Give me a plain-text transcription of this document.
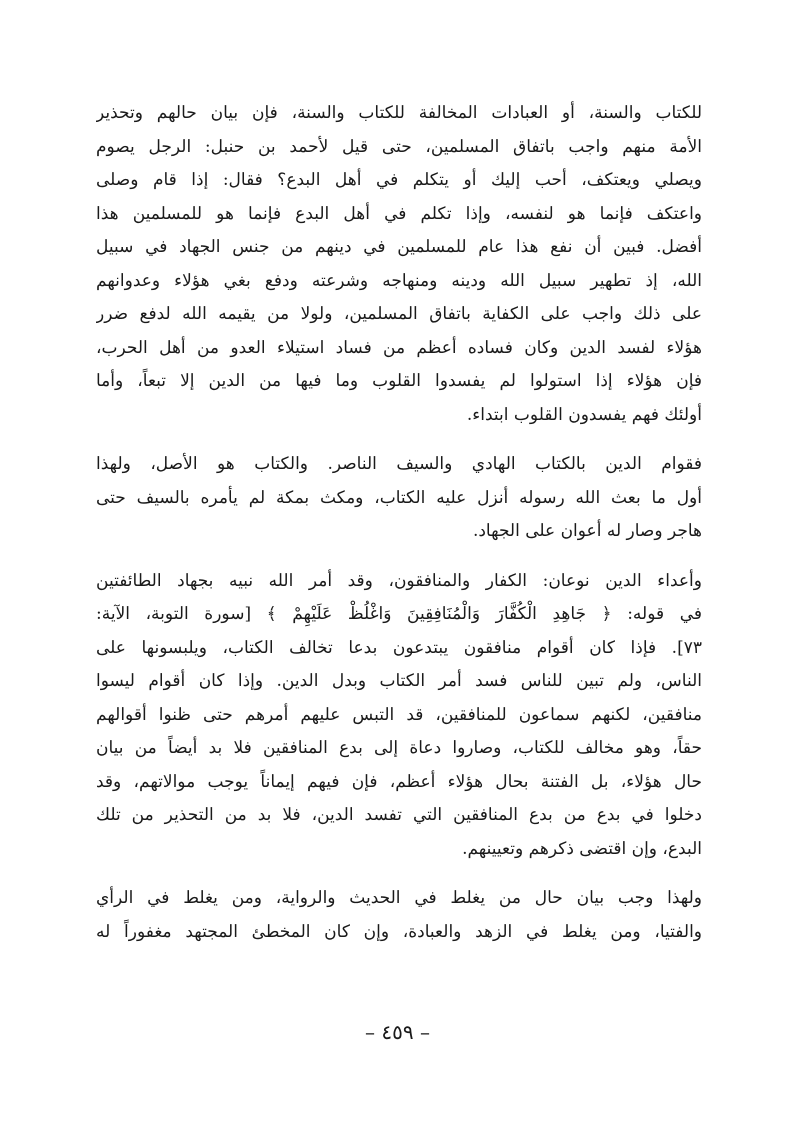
للكتاب والسنة، أو العبادات المخالفة للكتاب والسنة، فإن بيان حالهم وتحذير
الأمة منهم واجب باتفاق المسلمين، حتى قيل لأحمد بن حنبل: الرجل يصوم
ويصلي ويعتكف، أحب إليك أو يتكلم في أهل البدع؟ فقال: إذا قام وصلى
واعتكف فإنما هو لنفسه، وإذا تكلم في أهل البدع فإنما هو للمسلمين هذا
أفضل. فبين أن نفع هذا عام للمسلمين في دينهم من جنس الجهاد في سبيل
الله، إذ تطهير سبيل الله ودينه ومنهاجه وشرعته ودفع بغي هؤلاء وعدوانهم
على ذلك واجب على الكفاية باتفاق المسلمين، ولولا من يقيمه الله لدفع ضرر
هؤلاء لفسد الدين وكان فساده أعظم من فساد استيلاء العدو من أهل الحرب،
فإن هؤلاء إذا استولوا لم يفسدوا القلوب وما فيها من الدين إلا تبعاً، وأما
أولئك فهم يفسدون القلوب ابتداء.
فقوام الدين بالكتاب الهادي والسيف الناصر. والكتاب هو الأصل، ولهذا
أول ما بعث الله رسوله أنزل عليه الكتاب، ومكث بمكة لم يأمره بالسيف حتى
هاجر وصار له أعوان على الجهاد.
وأعداء الدين نوعان: الكفار والمنافقون، وقد أمر الله نبيه بجهاد الطائفتين
في قوله: ﴿ جَاهِدِ الْكُفَّارَ وَالْمُنَافِقِينَ وَاغْلُظْ عَلَيْهِمْ ﴾ [سورة التوبة، الآية:
٧٣]. فإذا كان أقوام منافقون يبتدعون بدعا تخالف الكتاب، ويلبسونها على
الناس، ولم تبين للناس فسد أمر الكتاب وبدل الدين. وإذا كان أقوام ليسوا
منافقين، لكنهم سماعون للمنافقين، قد التبس عليهم أمرهم حتى ظنوا أقوالهم
حقاً، وهو مخالف للكتاب، وصاروا دعاة إلى بدع المنافقين فلا بد أيضاً من بيان
حال هؤلاء، بل الفتنة بحال هؤلاء أعظم، فإن فيهم إيماناً يوجب موالاتهم، وقد
دخلوا في بدع من بدع المنافقين التي تفسد الدين، فلا بد من التحذير من تلك
البدع، وإن اقتضى ذكرهم وتعيينهم.
ولهذا وجب بيان حال من يغلط في الحديث والرواية، ومن يغلط في الرأي
والفتيا، ومن يغلط في الزهد والعبادة، وإن كان المخطئ المجتهد مغفوراً له
– ٤٥٩ –
